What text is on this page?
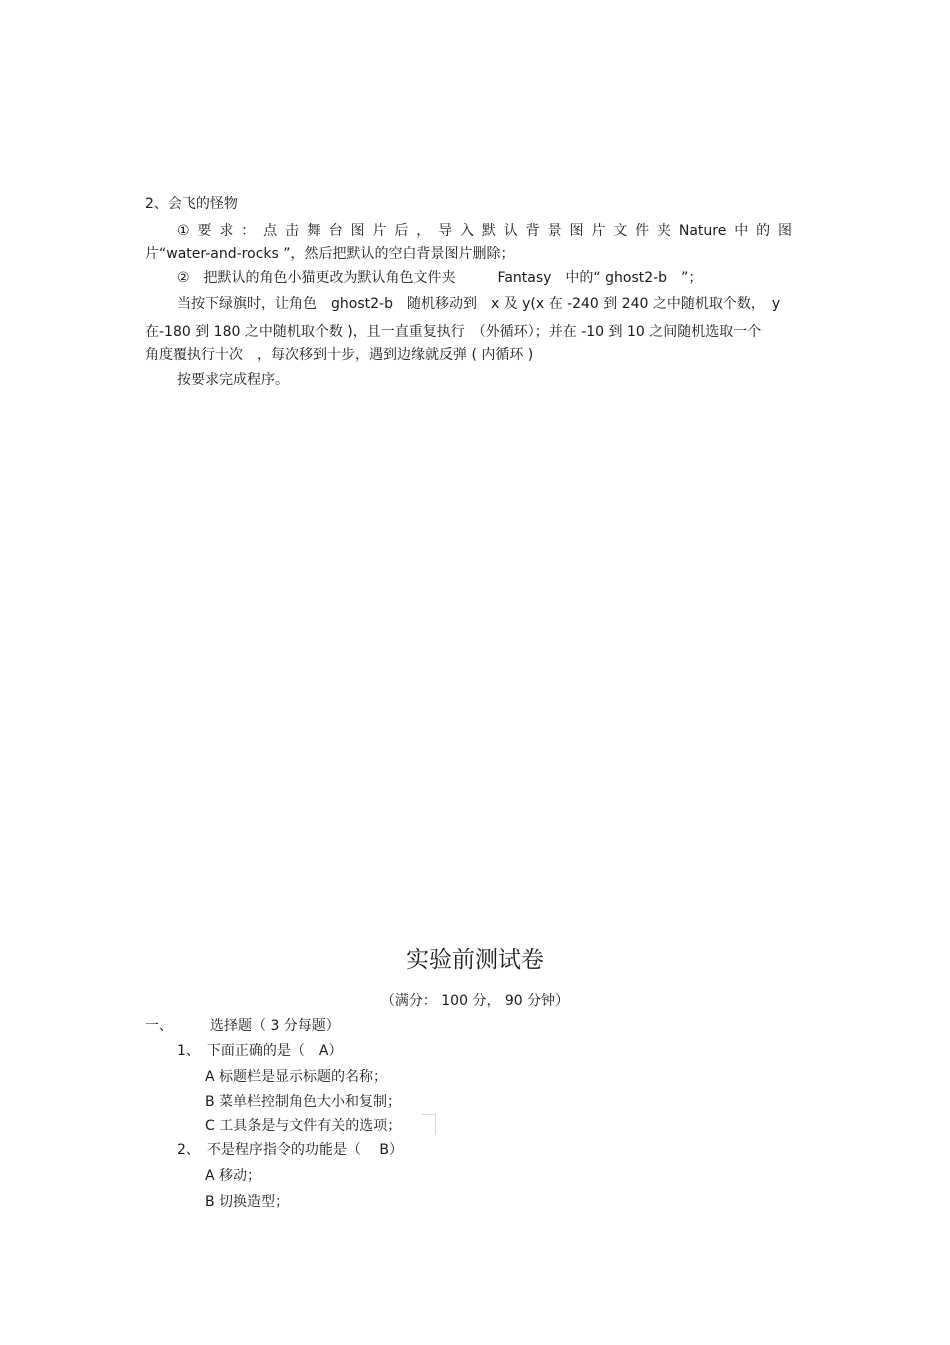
2、会飞的怪物
①要求：点击舞台图片后，导入默认背景图片文件夹Nature中的图
片“water-and-rocks ”，然后把默认的空白背景图片删除；
②　把默认的角色小猫更改为默认角色文件夹　　　Fantasy　中的“ ghost2-b　”；
当按下绿旗时，让角色　ghost2-b　随机移动到　x 及 y(x 在 -240 到 240 之中随机取个数，　y
在-180 到 180 之中随机取个数 )，且一直重复执行　（外循环）；并在 -10 到 10 之间随机选取一个
角度覆执行十次　，每次移到十步，遇到边缘就反弹 ( 内循环 )
按要求完成程序。
实验前测试卷
（满分： 100 分， 90 分钟）
一、	选择题（ 3 分每题）
1、　下面正确的是（　A）
A 标题栏是显示标题的名称；
B 菜单栏控制角色大小和复制；
C 工具条是与文件有关的选项；
2、　不是程序指令的功能是（　 B）
A 移动；
B 切换造型；
